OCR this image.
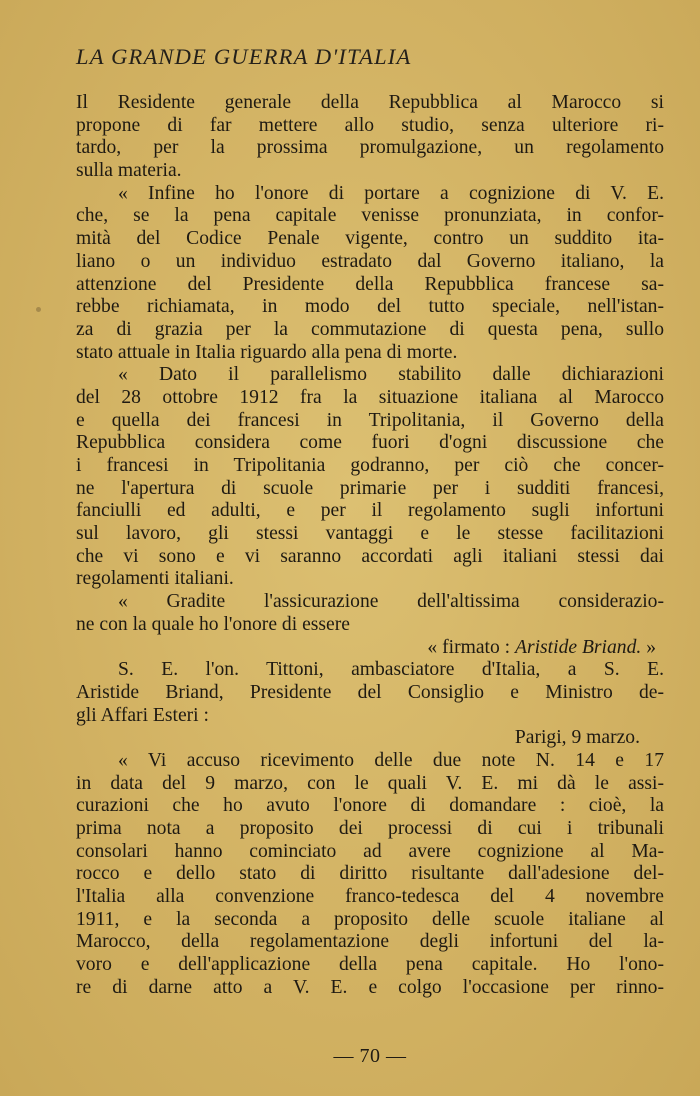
LA GRANDE GUERRA D'ITALIA
Il Residente generale della Repubblica al Marocco si
propone di far mettere allo studio, senza ulteriore ri-
tardo, per la prossima promulgazione, un regolamento
sulla materia.
« Infine ho l'onore di portare a cognizione di V. E.
che, se la pena capitale venisse pronunziata, in confor-
mità del Codice Penale vigente, contro un suddito ita-
liano o un individuo estradato dal Governo italiano, la
attenzione del Presidente della Repubblica francese sa-
rebbe richiamata, in modo del tutto speciale, nell'istan-
za di grazia per la commutazione di questa pena, sullo
stato attuale in Italia riguardo alla pena di morte.
« Dato il parallelismo stabilito dalle dichiarazioni
del 28 ottobre 1912 fra la situazione italiana al Marocco
e quella dei francesi in Tripolitania, il Governo della
Repubblica considera come fuori d'ogni discussione che
i francesi in Tripolitania godranno, per ciò che concer-
ne l'apertura di scuole primarie per i sudditi francesi,
fanciulli ed adulti, e per il regolamento sugli infortuni
sul lavoro, gli stessi vantaggi e le stesse facilitazioni
che vi sono e vi saranno accordati agli italiani stessi dai
regolamenti italiani.
« Gradite l'assicurazione dell'altissima considerazio-
ne con la quale ho l'onore di essere
« firmato : Aristide Briand. »
S. E. l'on. Tittoni, ambasciatore d'Italia, a S. E.
Aristide Briand, Presidente del Consiglio e Ministro de-
gli Affari Esteri :
Parigi, 9 marzo.
« Vi accuso ricevimento delle due note N. 14 e 17
in data del 9 marzo, con le quali V. E. mi dà le assi-
curazioni che ho avuto l'onore di domandare : cioè, la
prima nota a proposito dei processi di cui i tribunali
consolari hanno cominciato ad avere cognizione al Ma-
rocco e dello stato di diritto risultante dall'adesione del-
l'Italia alla convenzione franco-tedesca del 4 novembre
1911, e la seconda a proposito delle scuole italiane al
Marocco, della regolamentazione degli infortuni del la-
voro e dell'applicazione della pena capitale. Ho l'ono-
re di darne atto a V. E. e colgo l'occasione per rinno-
— 70 —
